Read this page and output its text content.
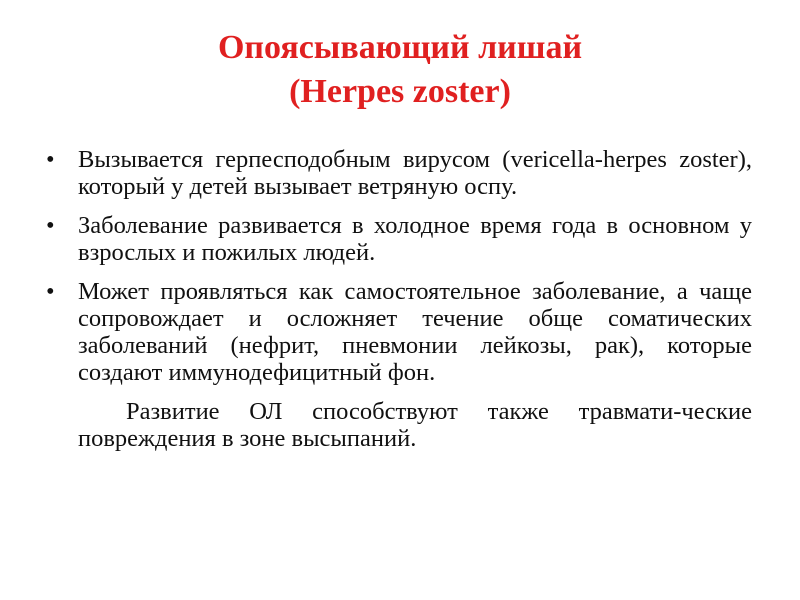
Опоясывающий лишай
(Herpes zoster)
• Вызывается герпесподобным вирусом (vericella-herpes zoster), который у детей вызывает ветряную оспу.
• Заболевание развивается в холодное время года в основном у взрослых и пожилых людей.
• Может проявляться как самостоятельное заболевание, а чаще сопровождает и осложняет течение обще соматических заболеваний (нефрит, пневмонии лейкозы, рак), которые создают иммунодефицитный фон.
Развитие ОЛ способствуют также травмати-ческие повреждения в зоне высыпаний.
